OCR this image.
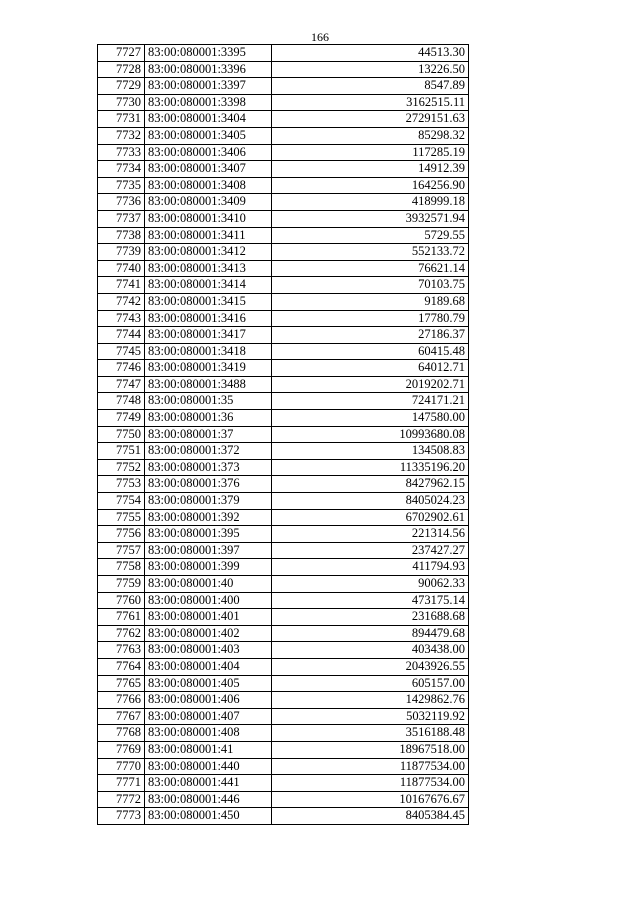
166
7727	83:00:080001:3395	44513.30
7728	83:00:080001:3396	13226.50
7729	83:00:080001:3397	8547.89
7730	83:00:080001:3398	3162515.11
7731	83:00:080001:3404	2729151.63
7732	83:00:080001:3405	85298.32
7733	83:00:080001:3406	117285.19
7734	83:00:080001:3407	14912.39
7735	83:00:080001:3408	164256.90
7736	83:00:080001:3409	418999.18
7737	83:00:080001:3410	3932571.94
7738	83:00:080001:3411	5729.55
7739	83:00:080001:3412	552133.72
7740	83:00:080001:3413	76621.14
7741	83:00:080001:3414	70103.75
7742	83:00:080001:3415	9189.68
7743	83:00:080001:3416	17780.79
7744	83:00:080001:3417	27186.37
7745	83:00:080001:3418	60415.48
7746	83:00:080001:3419	64012.71
7747	83:00:080001:3488	2019202.71
7748	83:00:080001:35	724171.21
7749	83:00:080001:36	147580.00
7750	83:00:080001:37	10993680.08
7751	83:00:080001:372	134508.83
7752	83:00:080001:373	11335196.20
7753	83:00:080001:376	8427962.15
7754	83:00:080001:379	8405024.23
7755	83:00:080001:392	6702902.61
7756	83:00:080001:395	221314.56
7757	83:00:080001:397	237427.27
7758	83:00:080001:399	411794.93
7759	83:00:080001:40	90062.33
7760	83:00:080001:400	473175.14
7761	83:00:080001:401	231688.68
7762	83:00:080001:402	894479.68
7763	83:00:080001:403	403438.00
7764	83:00:080001:404	2043926.55
7765	83:00:080001:405	605157.00
7766	83:00:080001:406	1429862.76
7767	83:00:080001:407	5032119.92
7768	83:00:080001:408	3516188.48
7769	83:00:080001:41	18967518.00
7770	83:00:080001:440	11877534.00
7771	83:00:080001:441	11877534.00
7772	83:00:080001:446	10167676.67
7773	83:00:080001:450	8405384.45
